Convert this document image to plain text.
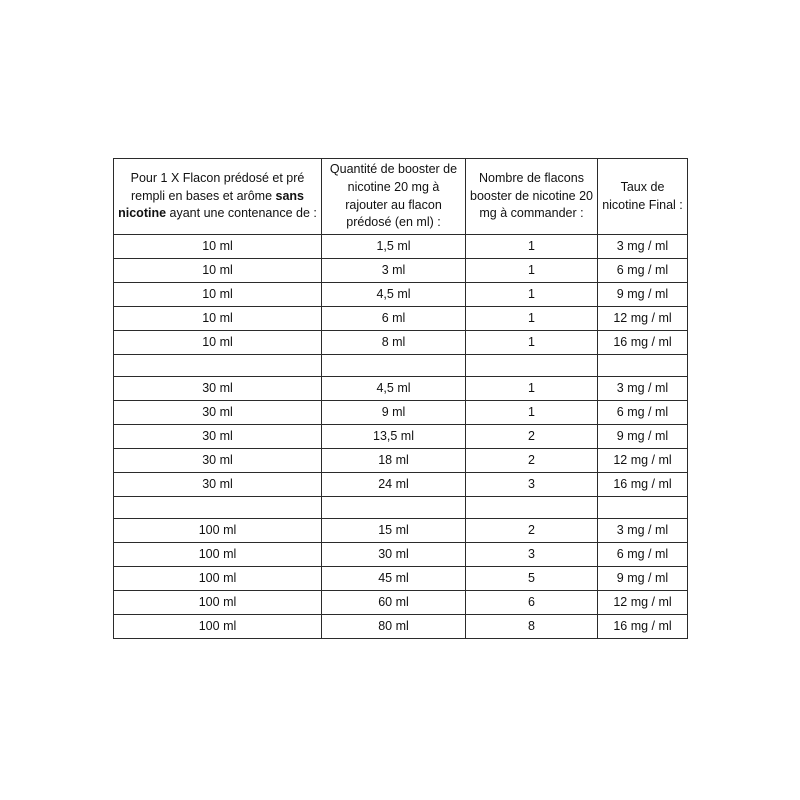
Pour 1 X Flacon prédosé et pré rempli en bases et arôme sans nicotine ayant une contenance de :	Quantité de booster de nicotine 20 mg à rajouter au flacon prédosé (en ml) :	Nombre de flacons booster de nicotine 20 mg à commander :	Taux de nicotine Final :
10 ml	1,5 ml	1	3 mg / ml
10 ml	3 ml	1	6 mg / ml
10 ml	4,5 ml	1	9 mg / ml
10 ml	6 ml	1	12 mg / ml
10 ml	8 ml	1	16 mg / ml

30 ml	4,5 ml	1	3 mg / ml
30 ml	9 ml	1	6 mg / ml
30 ml	13,5 ml	2	9 mg / ml
30 ml	18 ml	2	12 mg / ml
30 ml	24 ml	3	16 mg / ml

100 ml	15 ml	2	3 mg / ml
100 ml	30 ml	3	6 mg / ml
100 ml	45 ml	5	9 mg / ml
100 ml	60 ml	6	12 mg / ml
100 ml	80 ml	8	16 mg / ml
